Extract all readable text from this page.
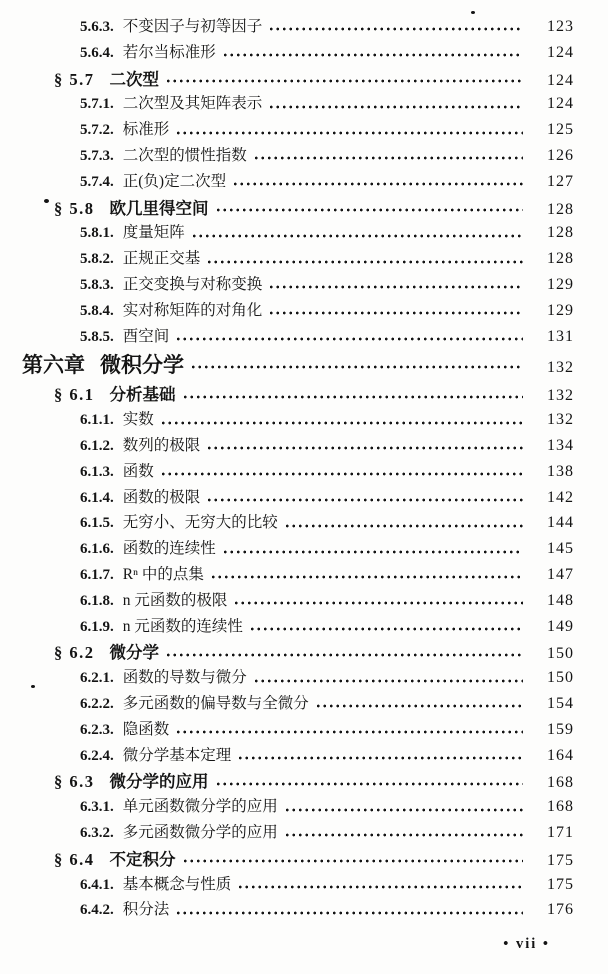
5.6.3. 不变因子与初等因子	123
5.6.4. 若尔当标准形	124
§ 5.7 二次型	124
5.7.1. 二次型及其矩阵表示	124
5.7.2. 标准形	125
5.7.3. 二次型的惯性指数	126
5.7.4. 正(负)定二次型	127
§ 5.8 欧几里得空间	128
5.8.1. 度量矩阵	128
5.8.2. 正规正交基	128
5.8.3. 正交变换与对称变换	129
5.8.4. 实对称矩阵的对角化	129
5.8.5. 酉空间	131
第六章 微积分学	132
§ 6.1 分析基础	132
6.1.1. 实数	132
6.1.2. 数列的极限	134
6.1.3. 函数	138
6.1.4. 函数的极限	142
6.1.5. 无穷小、无穷大的比较	144
6.1.6. 函数的连续性	145
6.1.7. Rⁿ 中的点集	147
6.1.8. n 元函数的极限	148
6.1.9. n 元函数的连续性	149
§ 6.2 微分学	150
6.2.1. 函数的导数与微分	150
6.2.2. 多元函数的偏导数与全微分	154
6.2.3. 隐函数	159
6.2.4. 微分学基本定理	164
§ 6.3 微分学的应用	168
6.3.1. 单元函数微分学的应用	168
6.3.2. 多元函数微分学的应用	171
§ 6.4 不定积分	175
6.4.1. 基本概念与性质	175
6.4.2. 积分法	176
• vii •
